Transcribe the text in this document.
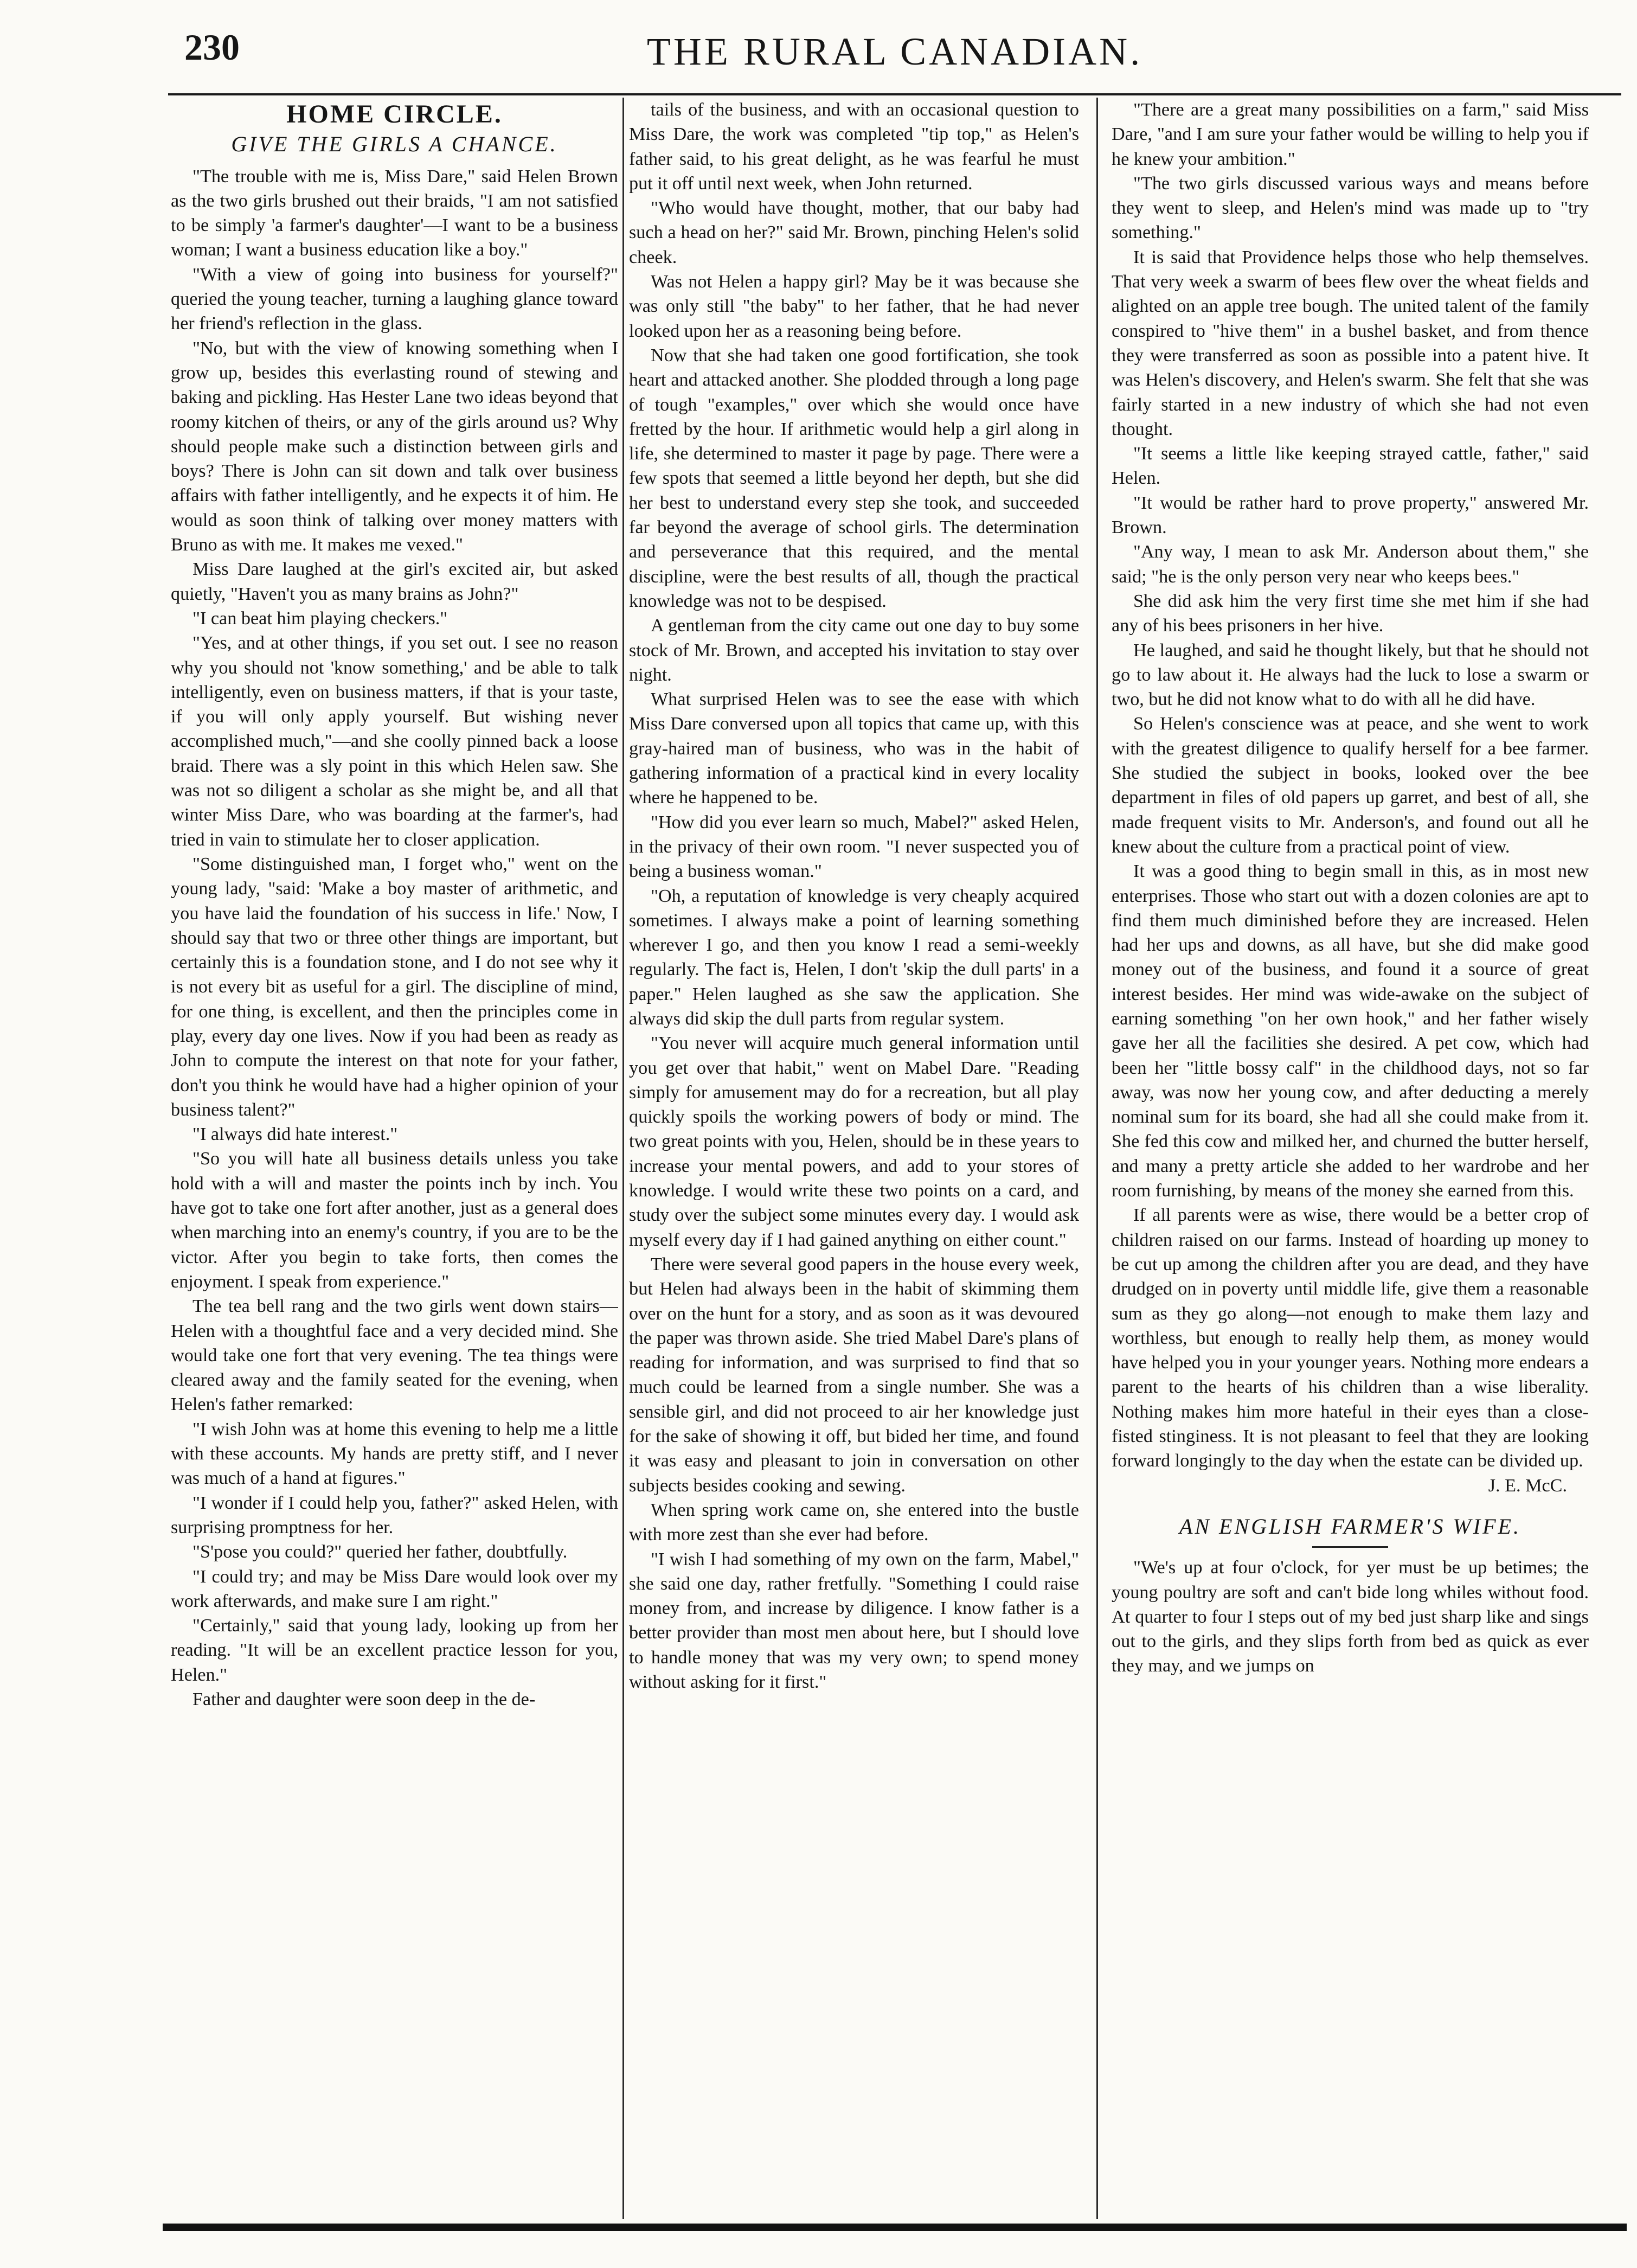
230	THE RURAL CANADIAN.
HOME CIRCLE.
GIVE THE GIRLS A CHANCE.

"The trouble with me is, Miss Dare," said Helen Brown as the two girls brushed out their braids, "I am not satisfied to be simply 'a farmer's daughter'—I want to be a business woman; I want a business education like a boy."

"With a view of going into business for yourself?" queried the young teacher, turning a laughing glance toward her friend's reflection in the glass.

"No, but with the view of knowing something when I grow up, besides this everlasting round of stewing and baking and pickling. Has Hester Lane two ideas beyond that roomy kitchen of theirs, or any of the girls around us? Why should people make such a distinction between girls and boys? There is John can sit down and talk over business affairs with father intelligently, and he expects it of him. He would as soon think of talking over money matters with Bruno as with me. It makes me vexed."

Miss Dare laughed at the girl's excited air, but asked quietly, "Haven't you as many brains as John?"

"I can beat him playing checkers."

"Yes, and at other things, if you set out. I see no reason why you should not 'know something,' and be able to talk intelligently, even on business matters, if that is your taste, if you will only apply yourself. But wishing never accomplished much,"—and she coolly pinned back a loose braid. There was a sly point in this which Helen saw. She was not so diligent a scholar as she might be, and all that winter Miss Dare, who was boarding at the farmer's, had tried in vain to stimulate her to closer application.

"Some distinguished man, I forget who," went on the young lady, "said: 'Make a boy master of arithmetic, and you have laid the foundation of his success in life.' Now, I should say that two or three other things are important, but certainly this is a foundation stone, and I do not see why it is not every bit as useful for a girl. The discipline of mind, for one thing, is excellent, and then the principles come in play, every day one lives. Now if you had been as ready as John to compute the interest on that note for your father, don't you think he would have had a higher opinion of your business talent?"

"I always did hate interest."

"So you will hate all business details unless you take hold with a will and master the points inch by inch. You have got to take one fort after another, just as a general does when marching into an enemy's country, if you are to be the victor. After you begin to take forts, then comes the enjoyment. I speak from experience."

The tea bell rang and the two girls went down stairs—Helen with a thoughtful face and a very decided mind. She would take one fort that very evening. The tea things were cleared away and the family seated for the evening, when Helen's father remarked:

"I wish John was at home this evening to help me a little with these accounts. My hands are pretty stiff, and I never was much of a hand at figures."

"I wonder if I could help you, father?" asked Helen, with surprising promptness for her.

"S'pose you could?" queried her father, doubtfully.

"I could try; and may be Miss Dare would look over my work afterwards, and make sure I am right."

"Certainly," said that young lady, looking up from her reading. "It will be an excellent practice lesson for you, Helen."

Father and daughter were soon deep in the de-

tails of the business, and with an occasional question to Miss Dare, the work was completed "tip top," as Helen's father said, to his great delight, as he was fearful he must put it off until next week, when John returned.

"Who would have thought, mother, that our baby had such a head on her?" said Mr. Brown, pinching Helen's solid cheek.

Was not Helen a happy girl? May be it was because she was only still "the baby" to her father, that he had never looked upon her as a reasoning being before.

Now that she had taken one good fortification, she took heart and attacked another. She plodded through a long page of tough "examples," over which she would once have fretted by the hour. If arithmetic would help a girl along in life, she determined to master it page by page. There were a few spots that seemed a little beyond her depth, but she did her best to understand every step she took, and succeeded far beyond the average of school girls. The determination and perseverance that this required, and the mental discipline, were the best results of all, though the practical knowledge was not to be despised.

A gentleman from the city came out one day to buy some stock of Mr. Brown, and accepted his invitation to stay over night.

What surprised Helen was to see the ease with which Miss Dare conversed upon all topics that came up, with this gray-haired man of business, who was in the habit of gathering information of a practical kind in every locality where he happened to be.

"How did you ever learn so much, Mabel?" asked Helen, in the privacy of their own room. "I never suspected you of being a business woman."

"Oh, a reputation of knowledge is very cheaply acquired sometimes. I always make a point of learning something wherever I go, and then you know I read a semi-weekly regularly. The fact is, Helen, I don't 'skip the dull parts' in a paper." Helen laughed as she saw the application. She always did skip the dull parts from regular system.

"You never will acquire much general information until you get over that habit," went on Mabel Dare. "Reading simply for amusement may do for a recreation, but all play quickly spoils the working powers of body or mind. The two great points with you, Helen, should be in these years to increase your mental powers, and add to your stores of knowledge. I would write these two points on a card, and study over the subject some minutes every day. I would ask myself every day if I had gained anything on either count."

There were several good papers in the house every week, but Helen had always been in the habit of skimming them over on the hunt for a story, and as soon as it was devoured the paper was thrown aside. She tried Mabel Dare's plans of reading for information, and was surprised to find that so much could be learned from a single number. She was a sensible girl, and did not proceed to air her knowledge just for the sake of showing it off, but bided her time, and found it was easy and pleasant to join in conversation on other subjects besides cooking and sewing.

When spring work came on, she entered into the bustle with more zest than she ever had before.

"I wish I had something of my own on the farm, Mabel," she said one day, rather fretfully. "Something I could raise money from, and increase by diligence. I know father is a better provider than most men about here, but I should love to handle money that was my very own; to spend money without asking for it first."

"There are a great many possibilities on a farm," said Miss Dare, "and I am sure your father would be willing to help you if he knew your ambition."

"The two girls discussed various ways and means before they went to sleep, and Helen's mind was made up to "try something."

It is said that Providence helps those who help themselves. That very week a swarm of bees flew over the wheat fields and alighted on an apple tree bough. The united talent of the family conspired to "hive them" in a bushel basket, and from thence they were transferred as soon as possible into a patent hive. It was Helen's discovery, and Helen's swarm. She felt that she was fairly started in a new industry of which she had not even thought.

"It seems a little like keeping strayed cattle, father," said Helen.

"It would be rather hard to prove property," answered Mr. Brown.

"Any way, I mean to ask Mr. Anderson about them," she said; "he is the only person very near who keeps bees."

She did ask him the very first time she met him if she had any of his bees prisoners in her hive.

He laughed, and said he thought likely, but that he should not go to law about it. He always had the luck to lose a swarm or two, but he did not know what to do with all he did have.

So Helen's conscience was at peace, and she went to work with the greatest diligence to qualify herself for a bee farmer. She studied the subject in books, looked over the bee department in files of old papers up garret, and best of all, she made frequent visits to Mr. Anderson's, and found out all he knew about the culture from a practical point of view.

It was a good thing to begin small in this, as in most new enterprises. Those who start out with a dozen colonies are apt to find them much diminished before they are increased. Helen had her ups and downs, as all have, but she did make good money out of the business, and found it a source of great interest besides. Her mind was wide-awake on the subject of earning something "on her own hook," and her father wisely gave her all the facilities she desired. A pet cow, which had been her "little bossy calf" in the childhood days, not so far away, was now her young cow, and after deducting a merely nominal sum for its board, she had all she could make from it. She fed this cow and milked her, and churned the butter herself, and many a pretty article she added to her wardrobe and her room furnishing, by means of the money she earned from this.

If all parents were as wise, there would be a better crop of children raised on our farms. Instead of hoarding up money to be cut up among the children after you are dead, and they have drudged on in poverty until middle life, give them a reasonable sum as they go along—not enough to make them lazy and worthless, but enough to really help them, as money would have helped you in your younger years. Nothing more endears a parent to the hearts of his children than a wise liberality. Nothing makes him more hateful in their eyes than a close-fisted stinginess. It is not pleasant to feel that they are looking forward longingly to the day when the estate can be divided up.

J. E. McC.

AN ENGLISH FARMER'S WIFE.

"We's up at four o'clock, for yer must be up betimes; the young poultry are soft and can't bide long whiles without food. At quarter to four I steps out of my bed just sharp like and sings out to the girls, and they slips forth from bed as quick as ever they may, and we jumps on
